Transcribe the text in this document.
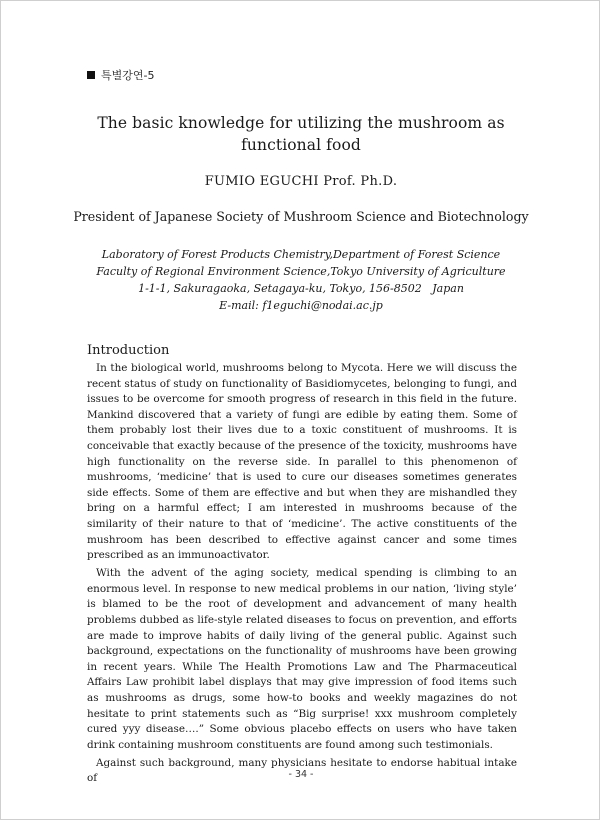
특별강연-5
The basic knowledge for utilizing the mushroom as
functional food
FUMIO EGUCHI Prof. Ph.D.
President of Japanese Society of Mushroom Science and Biotechnology
Laboratory of Forest Products Chemistry,Department of Forest Science
Faculty of Regional Environment Science,Tokyo University of Agriculture
1-1-1, Sakuragaoka, Setagaya-ku, Tokyo, 156-8502   Japan
E-mail: f1eguchi@nodai.ac.jp
Introduction

In the biological world, mushrooms belong to Mycota. Here we will discuss the recent status of study on functionality of Basidiomycetes, belonging to fungi, and issues to be overcome for smooth progress of research in this field in the future. Mankind discovered that a variety of fungi are edible by eating them. Some of them probably lost their lives due to a toxic constituent of mushrooms. It is conceivable that exactly because of the presence of the toxicity, mushrooms have high functionality on the reverse side. In parallel to this phenomenon of mushrooms, ‘medicine’ that is used to cure our diseases sometimes generates side effects. Some of them are effective and but when they are mishandled they bring on a harmful effect; I am interested in mushrooms because of the similarity of their nature to that of ‘medicine’. The active constituents of the mushroom has been described to effective against cancer and some times prescribed as an immunoactivator.

With the advent of the aging society, medical spending is climbing to an enormous level. In response to new medical problems in our nation, ‘living style’ is blamed to be the root of development and advancement of many health problems dubbed as life-style related diseases to focus on prevention, and efforts are made to improve habits of daily living of the general public. Against such background, expectations on the functionality of mushrooms have been growing in recent years. While The Health Promotions Law and The Pharmaceutical Affairs Law prohibit label displays that may give impression of food items such as mushrooms as drugs, some how-to books and weekly magazines do not hesitate to print statements such as “Big surprise! xxx mushroom completely cured yyy disease….” Some obvious placebo effects on users who have taken drink containing mushroom constituents are found among such testimonials.

Against such background, many physicians hesitate to endorse habitual intake of	- 34 -
